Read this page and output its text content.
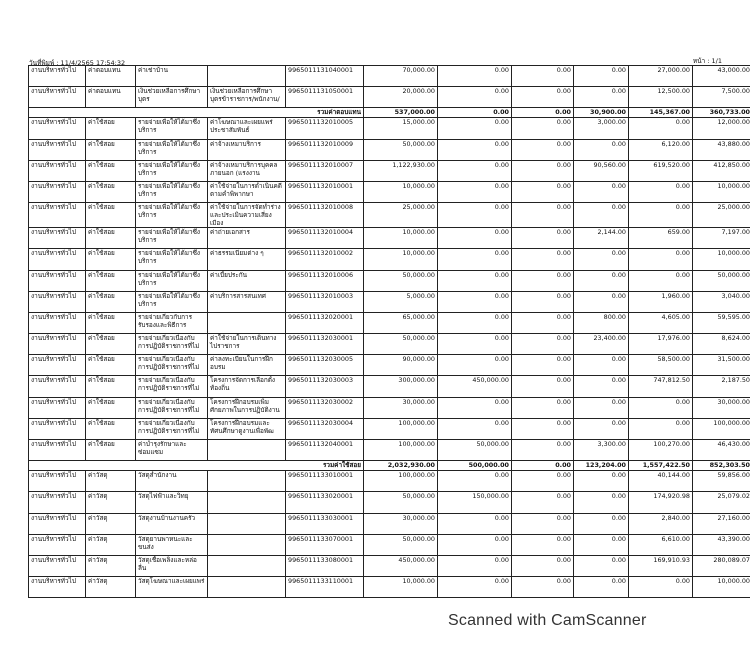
วันที่พิมพ์ : 11/4/2565 17:54:32	หน้า : 1/1
งานบริหารทั่วไป	ค่าตอบแทน	ค่าเช่าบ้าน		9965011131040001	70,000.00	0.00	0.00	0.00	27,000.00	43,000.00
งานบริหารทั่วไป	ค่าตอบแทน	เงินช่วยเหลือการศึกษาบุตร	เงินช่วยเหลือการศึกษาบุตรข้าราชการ/พนักงาน/	9965011131050001	20,000.00	0.00	0.00	0.00	12,500.00	7,500.00
รวมค่าตอบแทน					537,000.00	0.00	0.00	30,900.00	145,367.00	360,733.00
งานบริหารทั่วไป	ค่าใช้สอย	รายจ่ายเพื่อให้ได้มาซึ่งบริการ	ค่าโฆษณาและเผยแพร่ประชาสัมพันธ์	9965011132010005	15,000.00	0.00	0.00	3,000.00	0.00	12,000.00
งานบริหารทั่วไป	ค่าใช้สอย	รายจ่ายเพื่อให้ได้มาซึ่งบริการ	ค่าจ้างเหมาบริการ	9965011132010009	50,000.00	0.00	0.00	0.00	6,120.00	43,880.00
งานบริหารทั่วไป	ค่าใช้สอย	รายจ่ายเพื่อให้ได้มาซึ่งบริการ	ค่าจ้างเหมาบริการบุคคลภายนอก (แรงงาน	9965011132010007	1,122,930.00	0.00	0.00	90,560.00	619,520.00	412,850.00
งานบริหารทั่วไป	ค่าใช้สอย	รายจ่ายเพื่อให้ได้มาซึ่งบริการ	ค่าใช้จ่ายในการดำเนินคดีตามคำพิพากษา	9965011132010001	10,000.00	0.00	0.00	0.00	0.00	10,000.00
งานบริหารทั่วไป	ค่าใช้สอย	รายจ่ายเพื่อให้ได้มาซึ่งบริการ	ค่าใช้จ่ายในการจัดทำร่างและประเมินความเสี่ยงเมือง	9965011132010008	25,000.00	0.00	0.00	0.00	0.00	25,000.00
งานบริหารทั่วไป	ค่าใช้สอย	รายจ่ายเพื่อให้ได้มาซึ่งบริการ	ค่าถ่ายเอกสาร	9965011132010004	10,000.00	0.00	0.00	2,144.00	659.00	7,197.00
งานบริหารทั่วไป	ค่าใช้สอย	รายจ่ายเพื่อให้ได้มาซึ่งบริการ	ค่าธรรมเนียมต่าง ๆ	9965011132010002	10,000.00	0.00	0.00	0.00	0.00	10,000.00
งานบริหารทั่วไป	ค่าใช้สอย	รายจ่ายเพื่อให้ได้มาซึ่งบริการ	ค่าเบี้ยประกัน	9965011132010006	50,000.00	0.00	0.00	0.00	0.00	50,000.00
งานบริหารทั่วไป	ค่าใช้สอย	รายจ่ายเพื่อให้ได้มาซึ่งบริการ	ค่าบริการสารสนเทศ	9965011132010003	5,000.00	0.00	0.00	0.00	1,960.00	3,040.00
งานบริหารทั่วไป	ค่าใช้สอย	รายจ่ายเกี่ยวกับการรับรองและพิธีการ		9965011132020001	65,000.00	0.00	0.00	800.00	4,605.00	59,595.00
งานบริหารทั่วไป	ค่าใช้สอย	รายจ่ายเกี่ยวเนื่องกับการปฏิบัติราชการที่ไม่	ค่าใช้จ่ายในการเดินทางไปราชการ	9965011132030001	50,000.00	0.00	0.00	23,400.00	17,976.00	8,624.00
งานบริหารทั่วไป	ค่าใช้สอย	รายจ่ายเกี่ยวเนื่องกับการปฏิบัติราชการที่ไม่	ค่าลงทะเบียนในการฝึกอบรม	9965011132030005	90,000.00	0.00	0.00	0.00	58,500.00	31,500.00
งานบริหารทั่วไป	ค่าใช้สอย	รายจ่ายเกี่ยวเนื่องกับการปฏิบัติราชการที่ไม่	โครงการจัดการเลือกตั้งท้องถิ่น	9965011132030003	300,000.00	450,000.00	0.00	0.00	747,812.50	2,187.50
งานบริหารทั่วไป	ค่าใช้สอย	รายจ่ายเกี่ยวเนื่องกับการปฏิบัติราชการที่ไม่	โครงการฝึกอบรมเพิ่มศักยภาพในการปฏิบัติงาน	9965011132030002	30,000.00	0.00	0.00	0.00	0.00	30,000.00
งานบริหารทั่วไป	ค่าใช้สอย	รายจ่ายเกี่ยวเนื่องกับการปฏิบัติราชการที่ไม่	โครงการฝึกอบรมและทัศนศึกษาดูงานเพื่อพัฒ	9965011132030004	100,000.00	0.00	0.00	0.00	0.00	100,000.00
งานบริหารทั่วไป	ค่าใช้สอย	ค่าบำรุงรักษาและซ่อมแซม		9965011132040001	100,000.00	50,000.00	0.00	3,300.00	100,270.00	46,430.00
รวมค่าใช้สอย					2,032,930.00	500,000.00	0.00	123,204.00	1,557,422.50	852,303.50
งานบริหารทั่วไป	ค่าวัสดุ	วัสดุสำนักงาน		9965011133010001	100,000.00	0.00	0.00	0.00	40,144.00	59,856.00
งานบริหารทั่วไป	ค่าวัสดุ	วัสดุไฟฟ้าและวิทยุ		9965011133020001	50,000.00	150,000.00	0.00	0.00	174,920.98	25,079.02
งานบริหารทั่วไป	ค่าวัสดุ	วัสดุงานบ้านงานครัว		9965011133030001	30,000.00	0.00	0.00	0.00	2,840.00	27,160.00
งานบริหารทั่วไป	ค่าวัสดุ	วัสดุยานพาหนะและขนส่ง		9965011133070001	50,000.00	0.00	0.00	0.00	6,610.00	43,390.00
งานบริหารทั่วไป	ค่าวัสดุ	วัสดุเชื้อเพลิงและหล่อลื่น		9965011133080001	450,000.00	0.00	0.00	0.00	169,910.93	280,089.07
งานบริหารทั่วไป	ค่าวัสดุ	วัสดุโฆษณาและเผยแพร่		9965011133110001	10,000.00	0.00	0.00	0.00	0.00	10,000.00
Scanned with CamScanner
